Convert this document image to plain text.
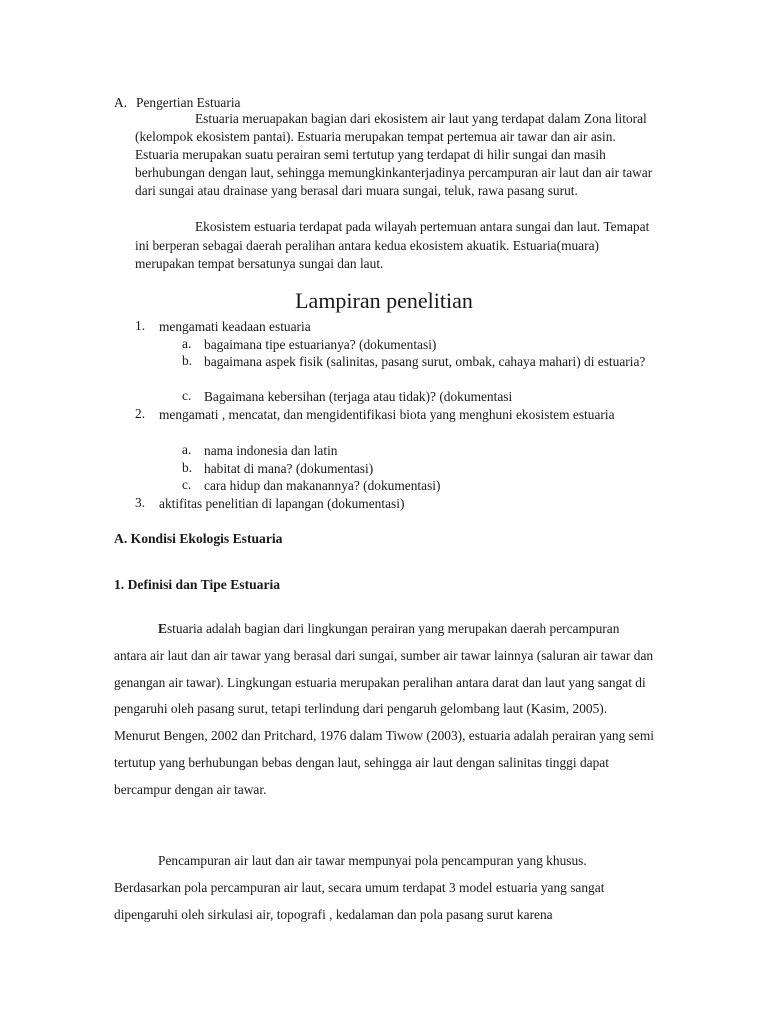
A. Pengertian Estuaria

Estuaria meruapakan bagian dari ekosistem air laut yang terdapat dalam Zona litoral (kelompok ekosistem pantai). Estuaria merupakan tempat pertemua air tawar dan air asin. Estuaria merupakan suatu perairan semi tertutup yang terdapat di hilir sungai dan masih berhubungan dengan laut, sehingga memungkinkanterjadinya percampuran air laut dan air tawar dari sungai atau drainase yang berasal dari muara sungai, teluk, rawa pasang surut.

Ekosistem estuaria terdapat pada wilayah pertemuan antara sungai dan laut. Temapat ini berperan sebagai daerah peralihan antara kedua ekosistem akuatik. Estuaria(muara) merupakan tempat bersatunya sungai dan laut.

Lampiran penelitian
1.	mengamati keadaan estuaria
a. bagaimana tipe estuarianya? (dokumentasi)
b. bagaimana aspek fisik (salinitas, pasang surut, ombak, cahaya mahari) di estuaria?
c. Bagaimana kebersihan (terjaga atau tidak)? (dokumentasi
2.	mengamati , mencatat, dan mengidentifikasi biota yang menghuni ekosistem estuaria
a. nama indonesia dan latin
b. habitat di mana? (dokumentasi)
c. cara hidup dan makanannya? (dokumentasi)
3.	aktifitas penelitian di lapangan (dokumentasi)
A. Kondisi Ekologis Estuaria
1. Definisi dan Tipe Estuaria

Estuaria adalah bagian dari lingkungan perairan yang merupakan daerah percampuran antara air laut dan air tawar yang berasal dari sungai, sumber air tawar lainnya (saluran air tawar dan genangan air tawar). Lingkungan estuaria merupakan peralihan antara darat dan laut yang sangat di pengaruhi oleh pasang surut, tetapi terlindung dari pengaruh gelombang laut (Kasim, 2005). Menurut Bengen, 2002 dan Pritchard, 1976 dalam Tiwow (2003), estuaria adalah perairan yang semi tertutup yang berhubungan bebas dengan laut, sehingga air laut dengan salinitas tinggi dapat bercampur dengan air tawar.

Pencampuran air laut dan air tawar mempunyai pola pencampuran yang khusus. Berdasarkan pola percampuran air laut, secara umum terdapat 3 model estuaria yang sangat dipengaruhi oleh sirkulasi air, topografi , kedalaman dan pola pasang surut karena
